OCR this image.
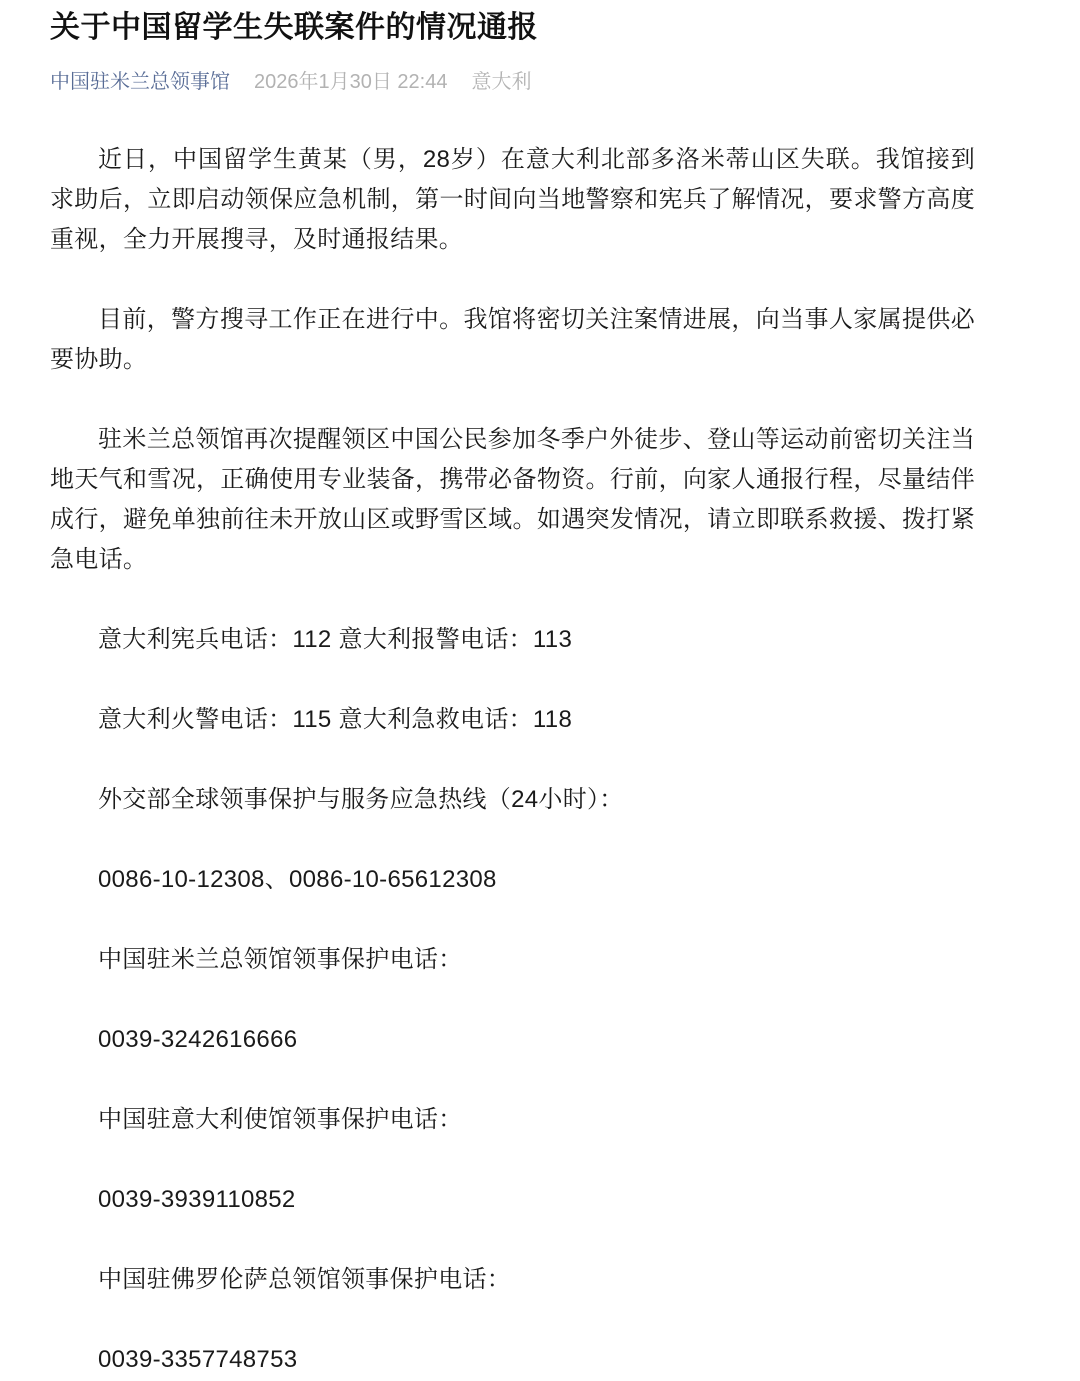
关于中国留学生失联案件的情况通报
中国驻米兰总领事馆 2026年1月30日 22:44 意大利

近日，中国留学生黄某（男，28岁）在意大利北部多洛米蒂山区失联。我馆接到求助后，立即启动领保应急机制，第一时间向当地警察和宪兵了解情况，要求警方高度重视，全力开展搜寻，及时通报结果。

目前，警方搜寻工作正在进行中。我馆将密切关注案情进展，向当事人家属提供必要协助。

驻米兰总领馆再次提醒领区中国公民参加冬季户外徒步、登山等运动前密切关注当地天气和雪况，正确使用专业装备，携带必备物资。行前，向家人通报行程，尽量结伴成行，避免单独前往未开放山区或野雪区域。如遇突发情况，请立即联系救援、拨打紧急电话。

意大利宪兵电话：112 意大利报警电话：113

意大利火警电话：115 意大利急救电话：118

外交部全球领事保护与服务应急热线（24小时）：

0086-10-12308、0086-10-65612308

中国驻米兰总领馆领事保护电话：

0039-3242616666

中国驻意大利使馆领事保护电话：

0039-3939110852

中国驻佛罗伦萨总领馆领事保护电话：

0039-3357748753
